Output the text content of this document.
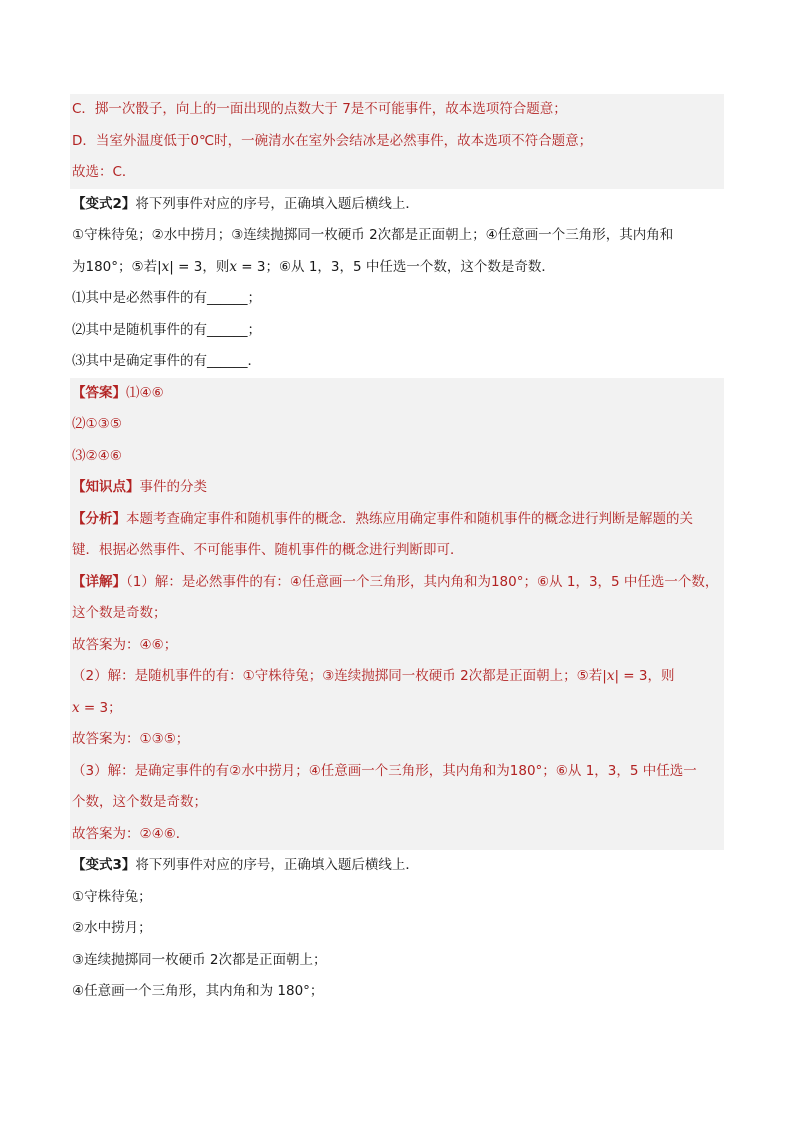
C．掷一次骰子，向上的一面出现的点数大于 7是不可能事件，故本选项符合题意；
D．当室外温度低于0℃时，一碗清水在室外会结冰是必然事件，故本选项不符合题意；
故选：C．
【变式2】将下列事件对应的序号，正确填入题后横线上．
①守株待兔；②水中捞月；③连续抛掷同一枚硬币 2次都是正面朝上；④任意画一个三角形，其内角和
为180°；⑤若|x| = 3，则x = 3；⑥从 1，3，5 中任选一个数，这个数是奇数．
⑴其中是必然事件的有______；
⑵其中是随机事件的有______；
⑶其中是确定事件的有______．
【答案】⑴④⑥
⑵①③⑤
⑶②④⑥
【知识点】事件的分类
【分析】本题考查确定事件和随机事件的概念．熟练应用确定事件和随机事件的概念进行判断是解题的关
键．根据必然事件、不可能事件、随机事件的概念进行判断即可．
【详解】（1）解：是必然事件的有：④任意画一个三角形，其内角和为180°；⑥从 1，3，5 中任选一个数，
这个数是奇数；
故答案为：④⑥；
（2）解：是随机事件的有：①守株待兔；③连续抛掷同一枚硬币 2次都是正面朝上；⑤若|x| = 3，则
x = 3；
故答案为：①③⑤；
（3）解：是确定事件的有②水中捞月；④任意画一个三角形，其内角和为180°；⑥从 1，3，5 中任选一
个数，这个数是奇数；
故答案为：②④⑥．
【变式3】将下列事件对应的序号，正确填入题后横线上．
①守株待兔；
②水中捞月；
③连续抛掷同一枚硬币 2次都是正面朝上；
④任意画一个三角形，其内角和为 180°；
